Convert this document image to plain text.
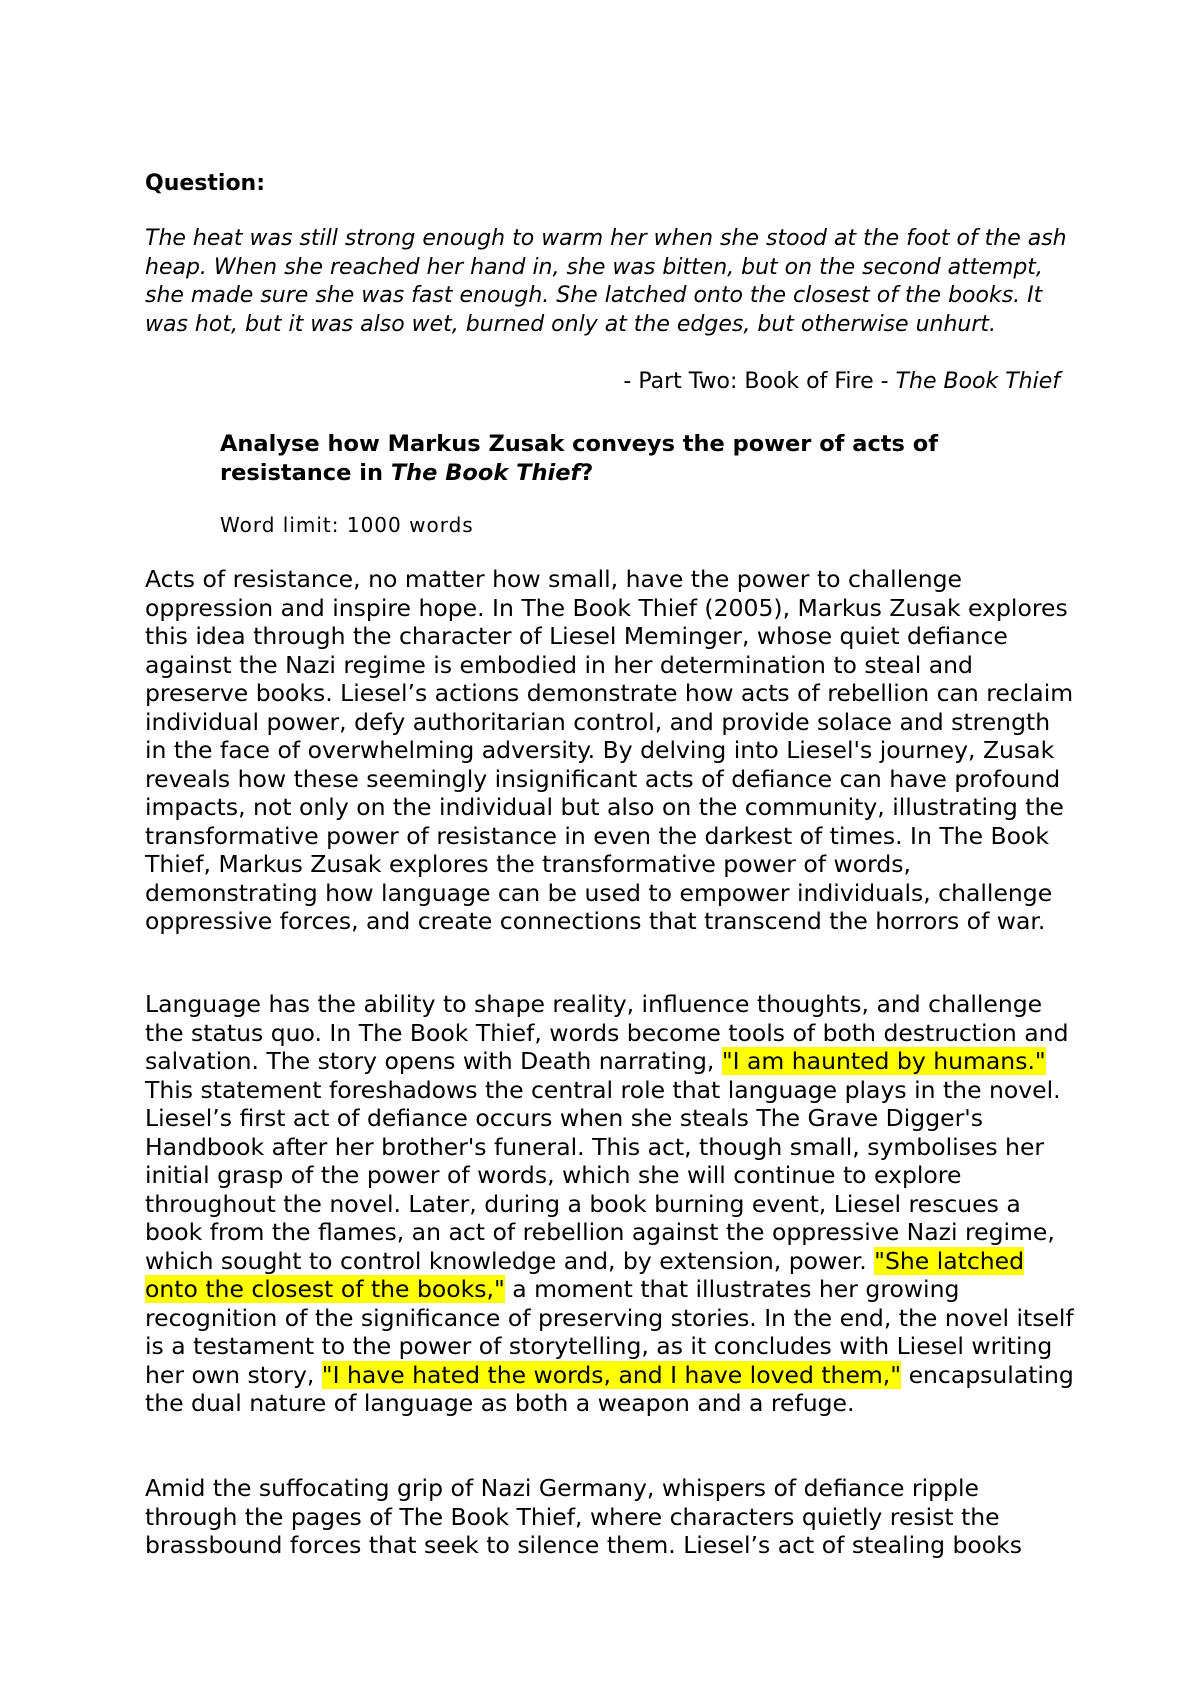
Question:
The heat was still strong enough to warm her when she stood at the foot of the ash heap. When she reached her hand in, she was bitten, but on the second attempt, she made sure she was fast enough. She latched onto the closest of the books. It was hot, but it was also wet, burned only at the edges, but otherwise unhurt.
- Part Two: Book of Fire - The Book Thief
Analyse how Markus Zusak conveys the power of acts of resistance in The Book Thief?
Word limit: 1000 words
Acts of resistance, no matter how small, have the power to challenge oppression and inspire hope. In The Book Thief (2005), Markus Zusak explores this idea through the character of Liesel Meminger, whose quiet defiance against the Nazi regime is embodied in her determination to steal and preserve books. Liesel’s actions demonstrate how acts of rebellion can reclaim individual power, defy authoritarian control, and provide solace and strength in the face of overwhelming adversity. By delving into Liesel's journey, Zusak reveals how these seemingly insignificant acts of defiance can have profound impacts, not only on the individual but also on the community, illustrating the transformative power of resistance in even the darkest of times. In The Book Thief, Markus Zusak explores the transformative power of words, demonstrating how language can be used to empower individuals, challenge oppressive forces, and create connections that transcend the horrors of war.
Language has the ability to shape reality, influence thoughts, and challenge the status quo. In The Book Thief, words become tools of both destruction and salvation. The story opens with Death narrating, "I am haunted by humans." This statement foreshadows the central role that language plays in the novel. Liesel’s first act of defiance occurs when she steals The Grave Digger's Handbook after her brother's funeral. This act, though small, symbolises her initial grasp of the power of words, which she will continue to explore throughout the novel. Later, during a book burning event, Liesel rescues a book from the flames, an act of rebellion against the oppressive Nazi regime, which sought to control knowledge and, by extension, power. "She latched onto the closest of the books," a moment that illustrates her growing recognition of the significance of preserving stories. In the end, the novel itself is a testament to the power of storytelling, as it concludes with Liesel writing her own story, "I have hated the words, and I have loved them," encapsulating the dual nature of language as both a weapon and a refuge.
Amid the suffocating grip of Nazi Germany, whispers of defiance ripple through the pages of The Book Thief, where characters quietly resist the brassbound forces that seek to silence them. Liesel’s act of stealing books
